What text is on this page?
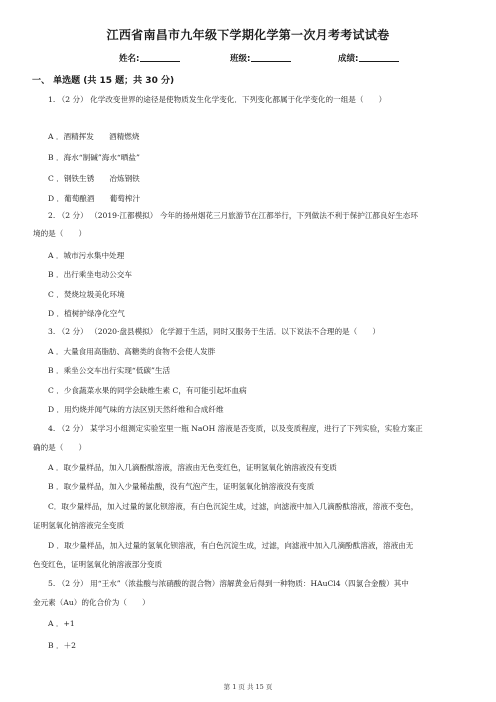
江西省南昌市九年级下学期化学第一次月考考试试卷
姓名:	班级:	成绩:
一、 单选题 (共 15 题；共 30 分)
1. （2 分） 化学改变世界的途径是使物质发生化学变化．下列变化都属于化学变化的一组是（　　）
A ．酒精挥发　　酒精燃烧
B ．海水“制碱”海水“晒盐”
C ．钢铁生锈　　冶炼钢铁
D ．葡萄酿酒　　葡萄榨汁
2. （2 分） （2019·江都模拟） 今年的扬州烟花三月旅游节在江都举行，下列做法不利于保护江都良好生态环
境的是（　　）
A ．城市污水集中处理
B ．出行乘坐电动公交车
C ．焚烧垃圾美化环境
D ．植树护绿净化空气
3. （2 分） （2020·盘县模拟） 化学源于生活，同时又服务于生活．以下说法不合理的是（　　）
A ．大量食用高脂肪、高糖类的食物不会使人发胖
B ．乘坐公交车出行实现“低碳”生活
C ．少食蔬菜水果的同学会缺维生素 C，有可能引起坏血病
D ．用灼烧并闻气味的方法区别天然纤维和合成纤维
4. （2 分） 某学习小组测定实验室里一瓶 NaOH 溶液是否变质，以及变质程度，进行了下列实验，实验方案正
确的是（　　）
A ．取少量样品，加入几滴酚酞溶液，溶液由无色变红色，证明氢氧化钠溶液没有变质
B ．取少量样品，加入少量稀盐酸，没有气泡产生，证明氢氧化钠溶液没有变质
C．取少量样品，加入过量的氯化钡溶液，有白色沉淀生成，过滤，向滤液中加入几滴酚酞溶液，溶液不变色，
证明氢氧化钠溶液完全变质
D ．取少量样品，加入过量的氢氧化钡溶液，有白色沉淀生成，过滤，向滤液中加入几滴酚酞溶液，溶液由无
色变红色，证明氢氧化钠溶液部分变质
5. （2 分） 用“王水”（浓盐酸与浓硝酸的混合物）溶解黄金后得到一种物质：HAuCl4（四氯合金酸）其中
金元素（Au）的化合价为（　　）
A ．+1
B ．＋2
第 1 页 共 15 页
